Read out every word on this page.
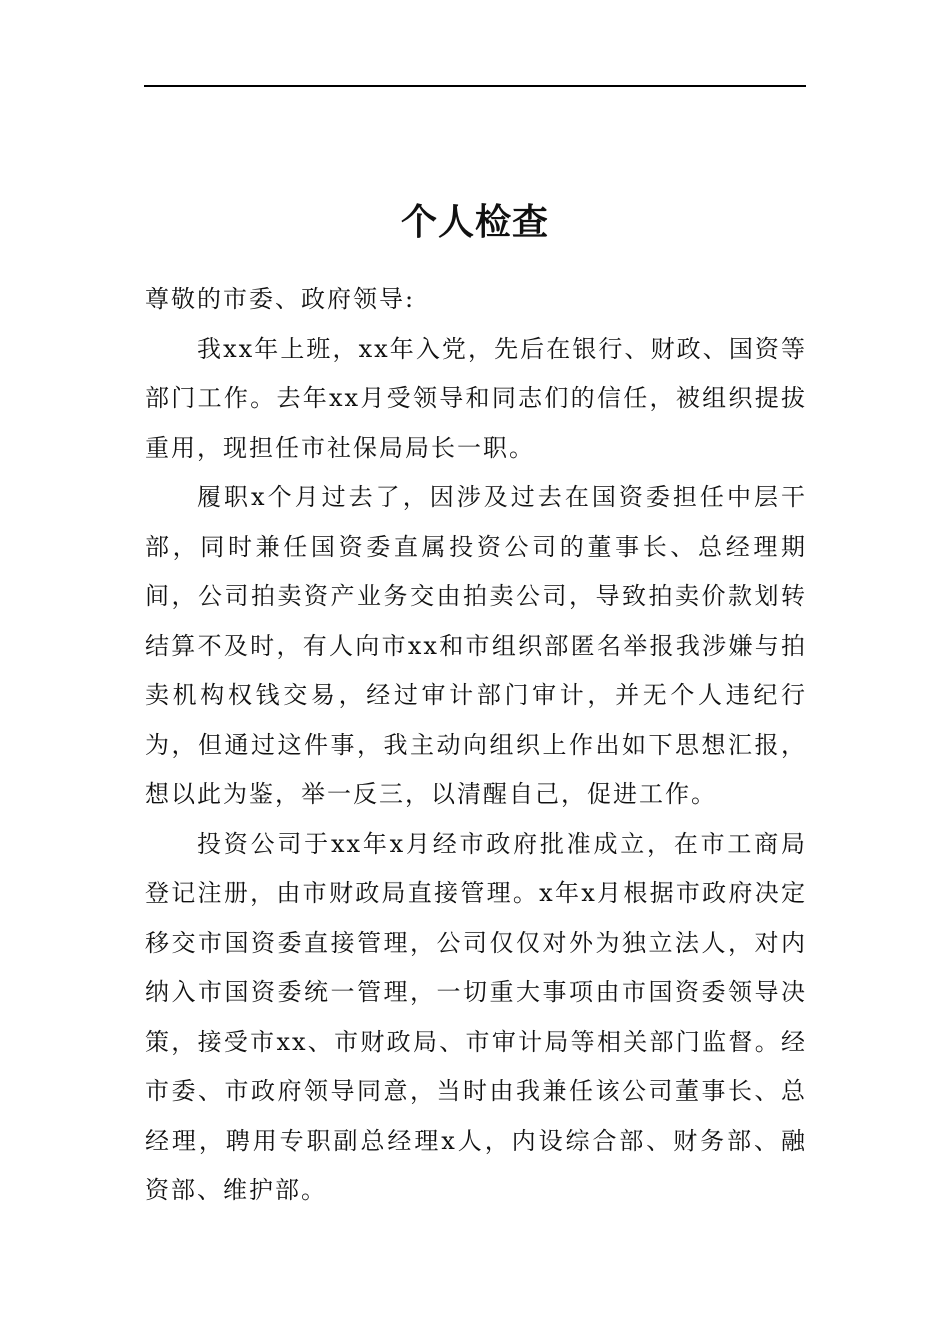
个人检查

尊敬的市委、政府领导:

我xx年上班，xx年入党，先后在银行、财政、国资等部门工作。去年xx月受领导和同志们的信任，被组织提拔重用，现担任市社保局局长一职。

履职x个月过去了，因涉及过去在国资委担任中层干部，同时兼任国资委直属投资公司的董事长、总经理期间，公司拍卖资产业务交由拍卖公司，导致拍卖价款划转结算不及时，有人向市xx和市组织部匿名举报我涉嫌与拍卖机构权钱交易，经过审计部门审计，并无个人违纪行为，但通过这件事，我主动向组织上作出如下思想汇报，想以此为鉴，举一反三，以清醒自己，促进工作。

投资公司于xx年x月经市政府批准成立，在市工商局登记注册，由市财政局直接管理。x年x月根据市政府决定移交市国资委直接管理，公司仅仅对外为独立法人，对内纳入市国资委统一管理，一切重大事项由市国资委领导决策，接受市xx、市财政局、市审计局等相关部门监督。经市委、市政府领导同意，当时由我兼任该公司董事长、总经理，聘用专职副总经理x人，内设综合部、财务部、融资部、维护部。
